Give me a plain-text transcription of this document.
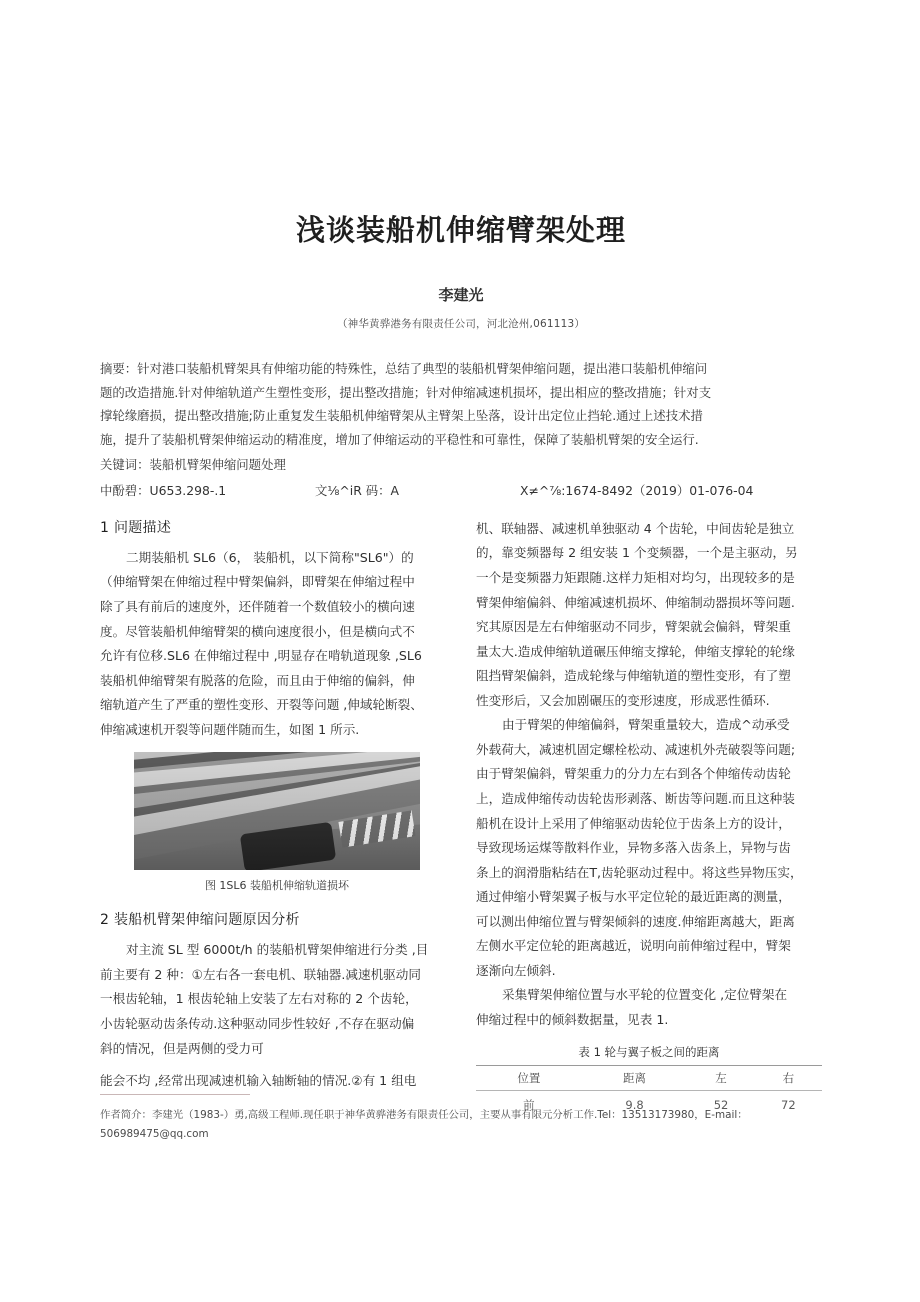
浅谈装船机伸缩臂架处理
李建光
（神华黄骅港务有限责任公司，河北沧州,061113）
摘要：针对港口装船机臂架具有伸缩功能的特殊性，总结了典型的装船机臂架伸缩问题，提出港口装船机伸缩问
题的改造措施.针对伸缩轨道产生塑性变形，提出整改措施；针对伸缩减速机损坏，提出相应的整改措施；针对支
撑轮缘磨损，提出整改措施;防止重复发生装船机伸缩臂架从主臂架上坠落，设计出定位止挡轮.通过上述技术措
施，提升了装船机臂架伸缩运动的精准度，增加了伸缩运动的平稳性和可靠性，保障了装船机臂架的安全运行.
关键词：装船机臂架伸缩问题处理
中酚碧：U653.298-.1	文⅛^iR 码：A	X≠^⅞:1674-8492（2019）01-076-04
1 问题描述

二期装船机 SL6（6， 装船机，以下简称"SL6"）的
（伸缩臂架在伸缩过程中臂架偏斜，即臂架在伸缩过程中
除了具有前后的速度外，还伴随着一个数值较小的横向速
度。尽管装船机伸缩臂架的横向速度很小，但是横向式不
允许有位移.SL6 在伸缩过程中 ,明显存在啃轨道现象 ,SL6
装船机伸缩臂架有脱落的危险，而且由于伸缩的偏斜，伸
缩轨道产生了严重的塑性变形、开裂等问题 ,伸域轮断裂、
伸缩减速机开裂等问题伴随而生，如图 1 所示.

图 1SL6 装船机伸缩轨道损坏
2 装船机臂架伸缩问题原因分析

对主流 SL 型 6000t/h 的装船机臂架伸缩进行分类 ,目
前主要有 2 种：①左右各一套电机、联轴器.减速机驱动同
一根齿轮轴，1 根齿轮轴上安装了左右对称的 2 个齿轮，
小齿轮驱动齿条传动.这种驱动同步性较好 ,不存在驱动偏
斜的情况，但是两侧的受力可

能会不均 ,经常出现减速机输入轴断轴的情况.②有 1 组电

机、联轴器、减速机单独驱动 4 个齿轮，中间齿轮是独立
的，靠变频器每 2 组安装 1 个变频器，一个是主驱动，另
一个是变频器力矩跟随.这样力矩相对均匀，出现较多的是
臂架伸缩偏斜、伸缩减速机损坏、伸缩制动器损坏等问题.
究其原因是左右伸缩驱动不同步，臂架就会偏斜，臂架重
量太大.造成伸缩轨道碾压伸缩支撑轮，伸缩支撑轮的轮缘
阻挡臂架偏斜，造成轮缘与伸缩轨道的塑性变形，有了塑
性变形后，又会加剧碾压的变形速度，形成恶性循环.

由于臂架的伸缩偏斜，臂架重量较大，造成^动承受
外载荷大，减速机固定螺栓松动、减速机外壳破裂等问题;
由于臂架偏斜，臂架重力的分力左右到各个伸缩传动齿轮
上，造成伸缩传动齿轮齿形剥落、断齿等问题.而且这种装
船机在设计上采用了伸缩驱动齿轮位于齿条上方的设计，
导致现场运煤等散料作业，异物多落入齿条上，异物与齿
条上的润滑脂粘结在T,齿轮驱动过程中。将这些异物压实，
通过伸缩小臂架翼子板与水平定位轮的最近距离的测量，
可以测出伸缩位置与臂架倾斜的速度.伸缩距离越大，距离
左侧水平定位轮的距离越近，说明向前伸缩过程中，臂架
逐渐向左倾斜.

采集臂架伸缩位置与水平轮的位置变化 ,定位臂架在
伸缩过程中的倾斜数据量，见表 1.

表 1 轮与翼子板之间的距离
位置	距离	左	右
前	9.8	52	72
作者简介：李建光（1983-）勇,高级工程师.现任职于神华黄骅港务有限责任公司，主要从事有限元分析工作.Tel：13513173980，E-mail：
506989475@qq.com
